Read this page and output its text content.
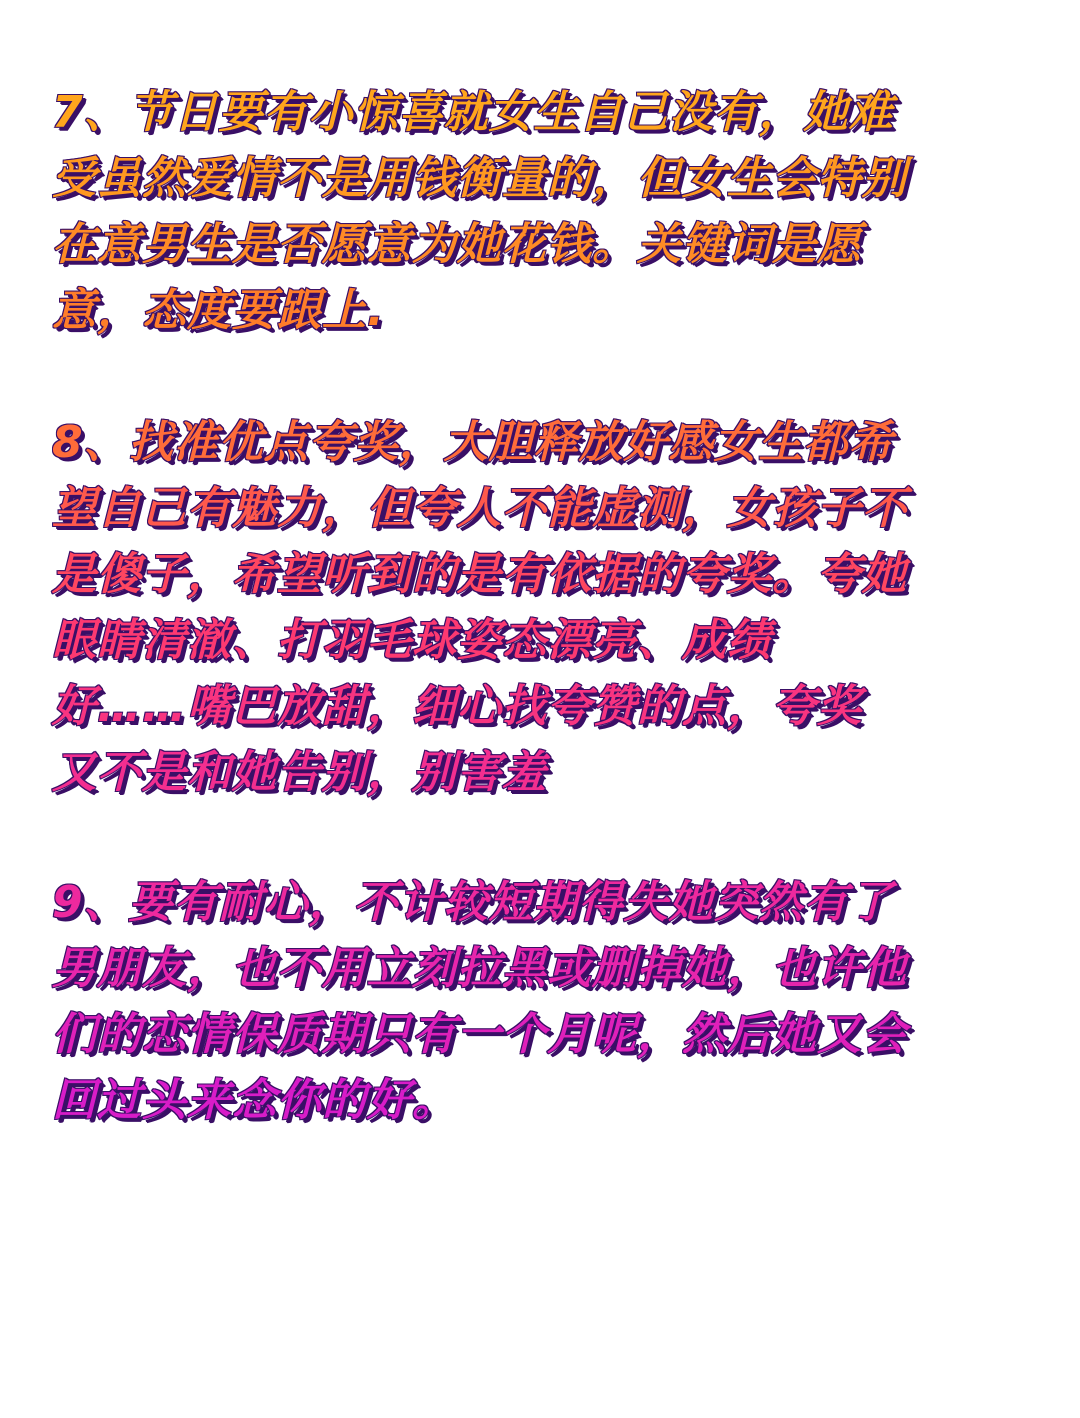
7、节日要有小惊喜就女生自己没有，她难
受虽然爱情不是用钱衡量的，但女生会特别
在意男生是否愿意为她花钱。关键词是愿
意，态度要跟上.
8、找准优点夸奖，大胆释放好感女生都希
望自己有魅力，但夸人不能虚测，女孩子不
是傻子，希望听到的是有依据的夸奖。夸她
眼睛清澈、打羽毛球姿态漂亮、成绩
好……嘴巴放甜，细心找夸赞的点，夸奖
又不是和她告别，别害羞
9、要有耐心，不计较短期得失她突然有了
男朋友，也不用立刻拉黑或删掉她，也许他
们的恋情保质期只有一个月呢，然后她又会
回过头来念你的好。
